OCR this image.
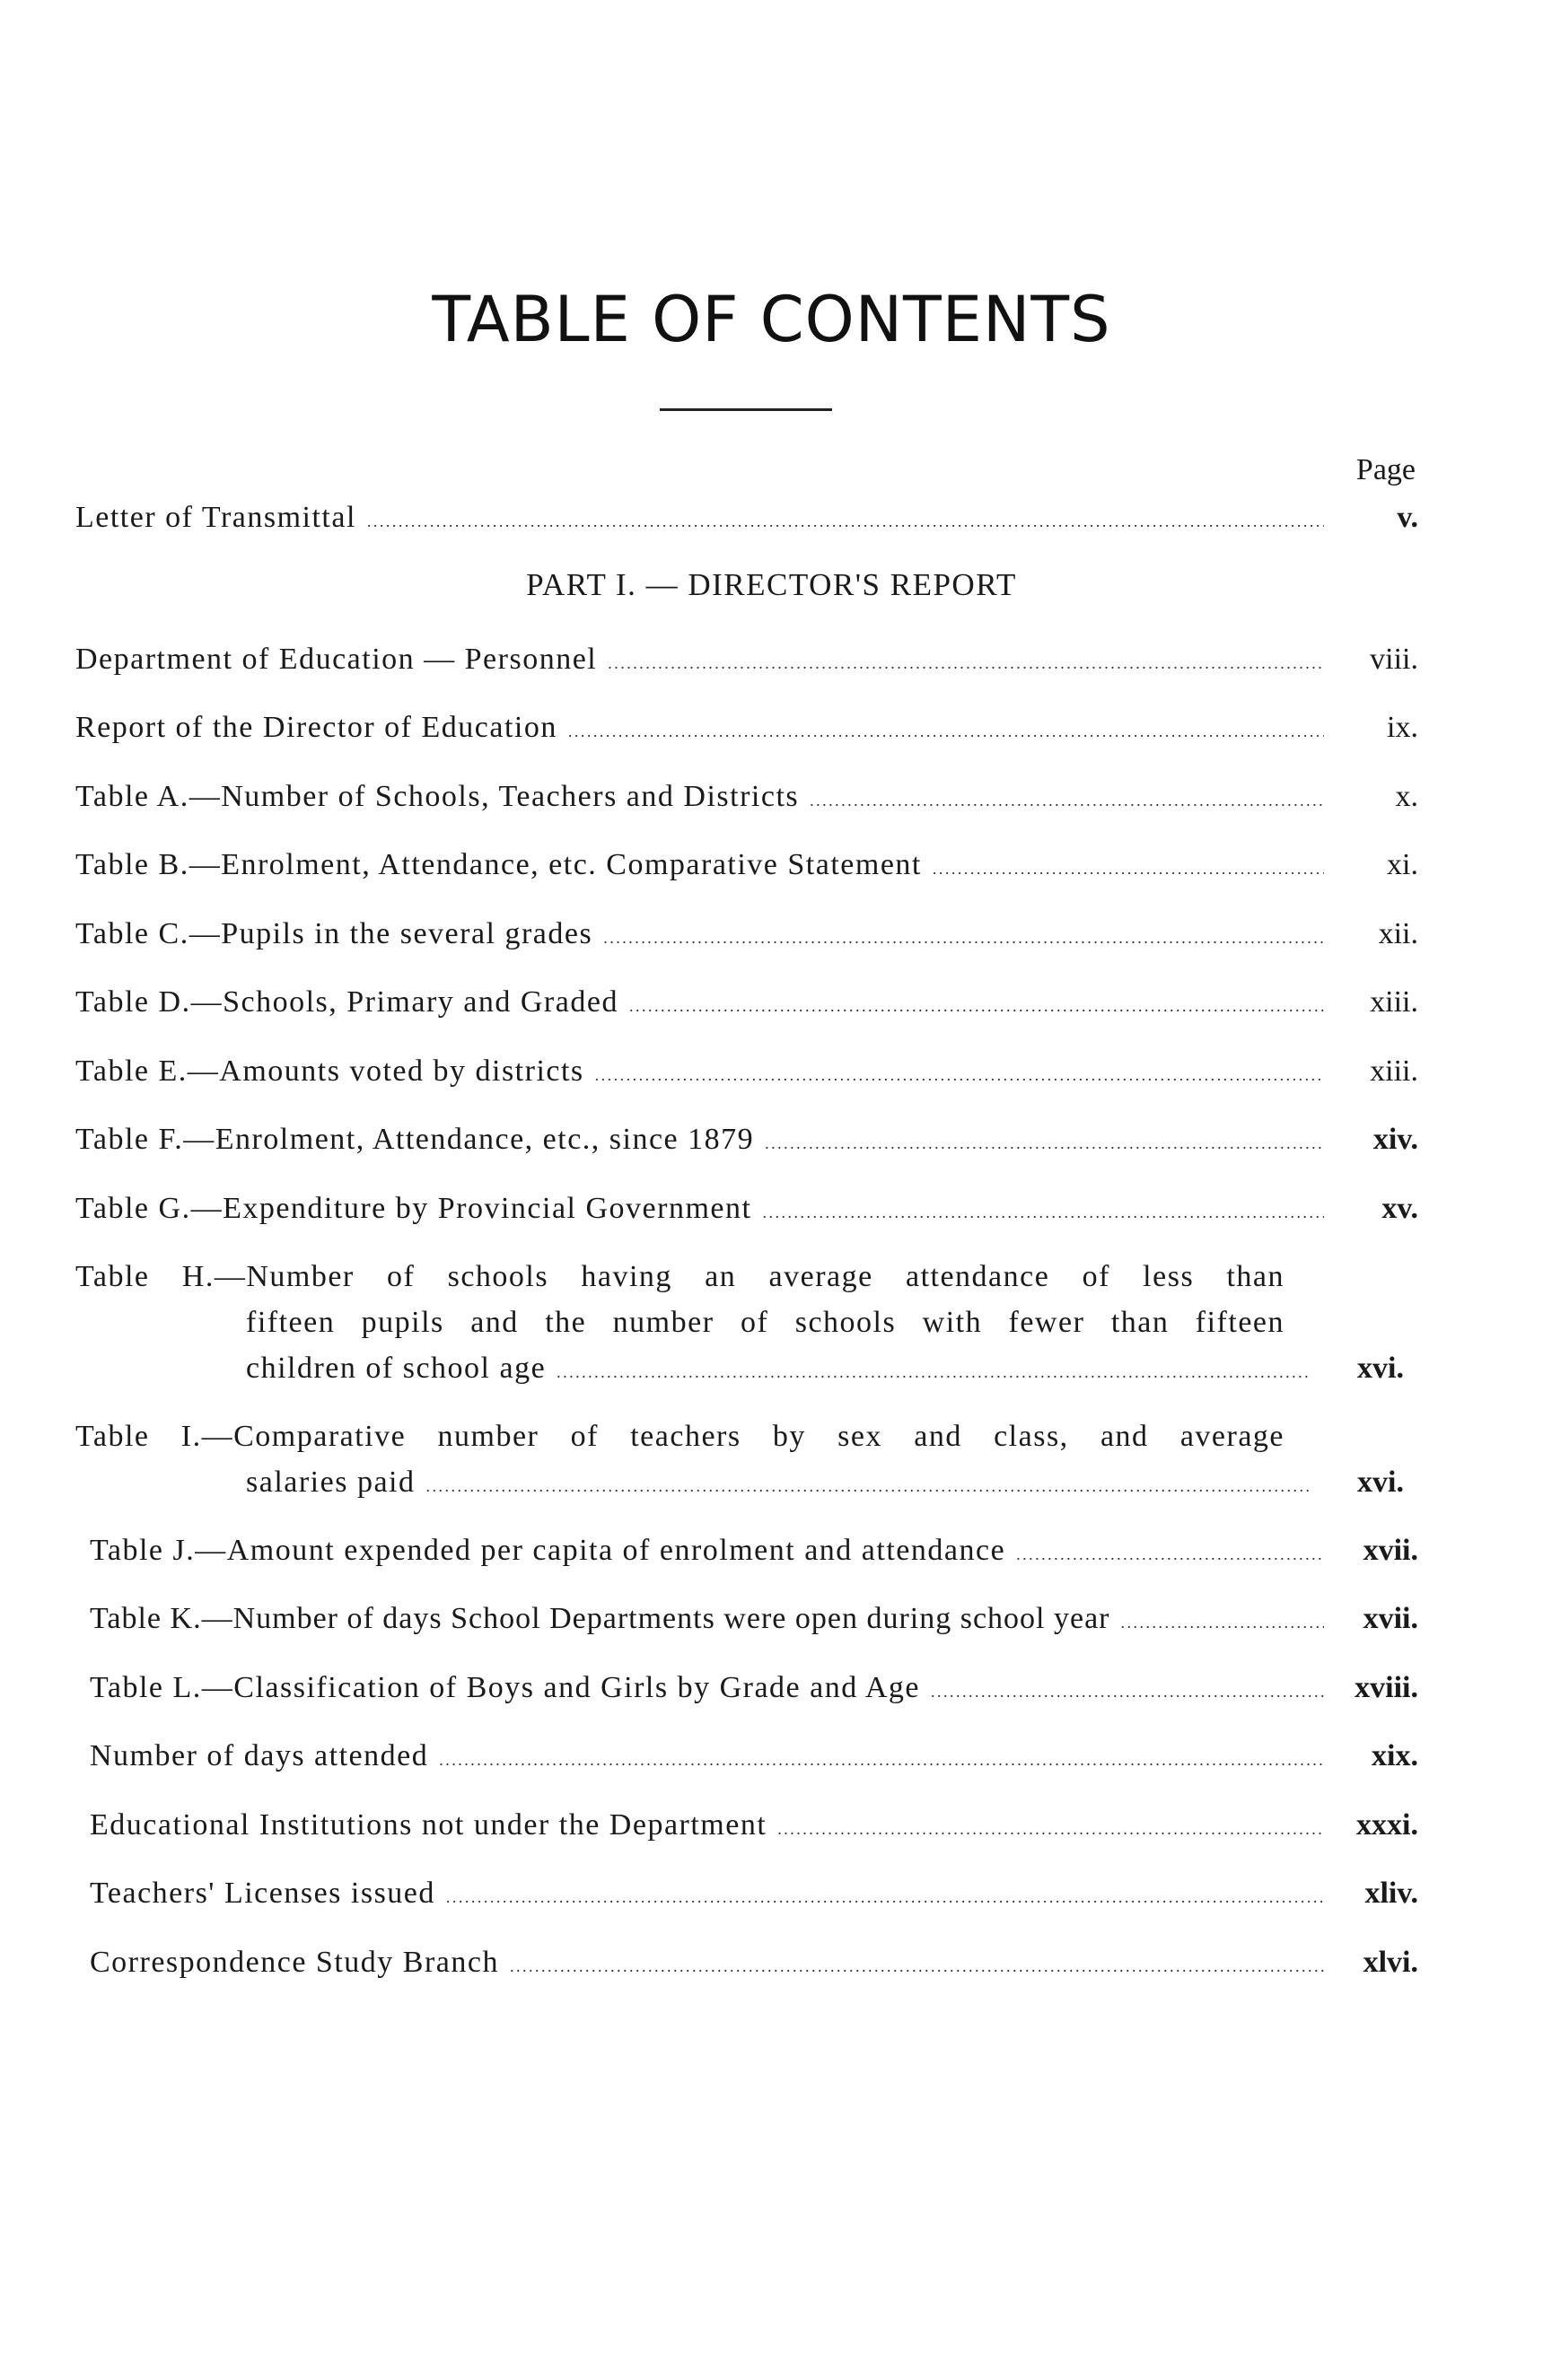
TABLE OF CONTENTS
Page
Letter of Transmittal . . .	v.
PART I. — DIRECTOR'S REPORT
Department of Education — Personnel . . .	viii.
Report of the Director of Education . . .	ix.
Table A.—Number of Schools, Teachers and Districts . . .	x.
Table B.—Enrolment, Attendance, etc. Comparative Statement . . .	xi.
Table C.—Pupils in the several grades . . .	xii.
Table D.—Schools, Primary and Graded . . .	xiii.
Table E.—Amounts voted by districts . . .	xiii.
Table F.—Enrolment, Attendance, etc., since 1879 . . .	xiv.
Table G.—Expenditure by Provincial Government . . .	xv.
Table H.—Number of schools having an average attendance of less than
fifteen pupils and the number of schools with fewer than fifteen
children of school age . . .	xvi.
Table I.—Comparative number of teachers by sex and class, and average
salaries paid . . .	xvi.
Table J.—Amount expended per capita of enrolment and attendance . . .	xvii.
Table K.—Number of days School Departments were open during school year . . .	xvii.
Table L.—Classification of Boys and Girls by Grade and Age . . .	xviii.
Number of days attended . . .	xix.
Educational Institutions not under the Department . . .	xxxi.
Teachers' Licenses issued . . .	xliv.
Correspondence Study Branch . . .	xlvi.
